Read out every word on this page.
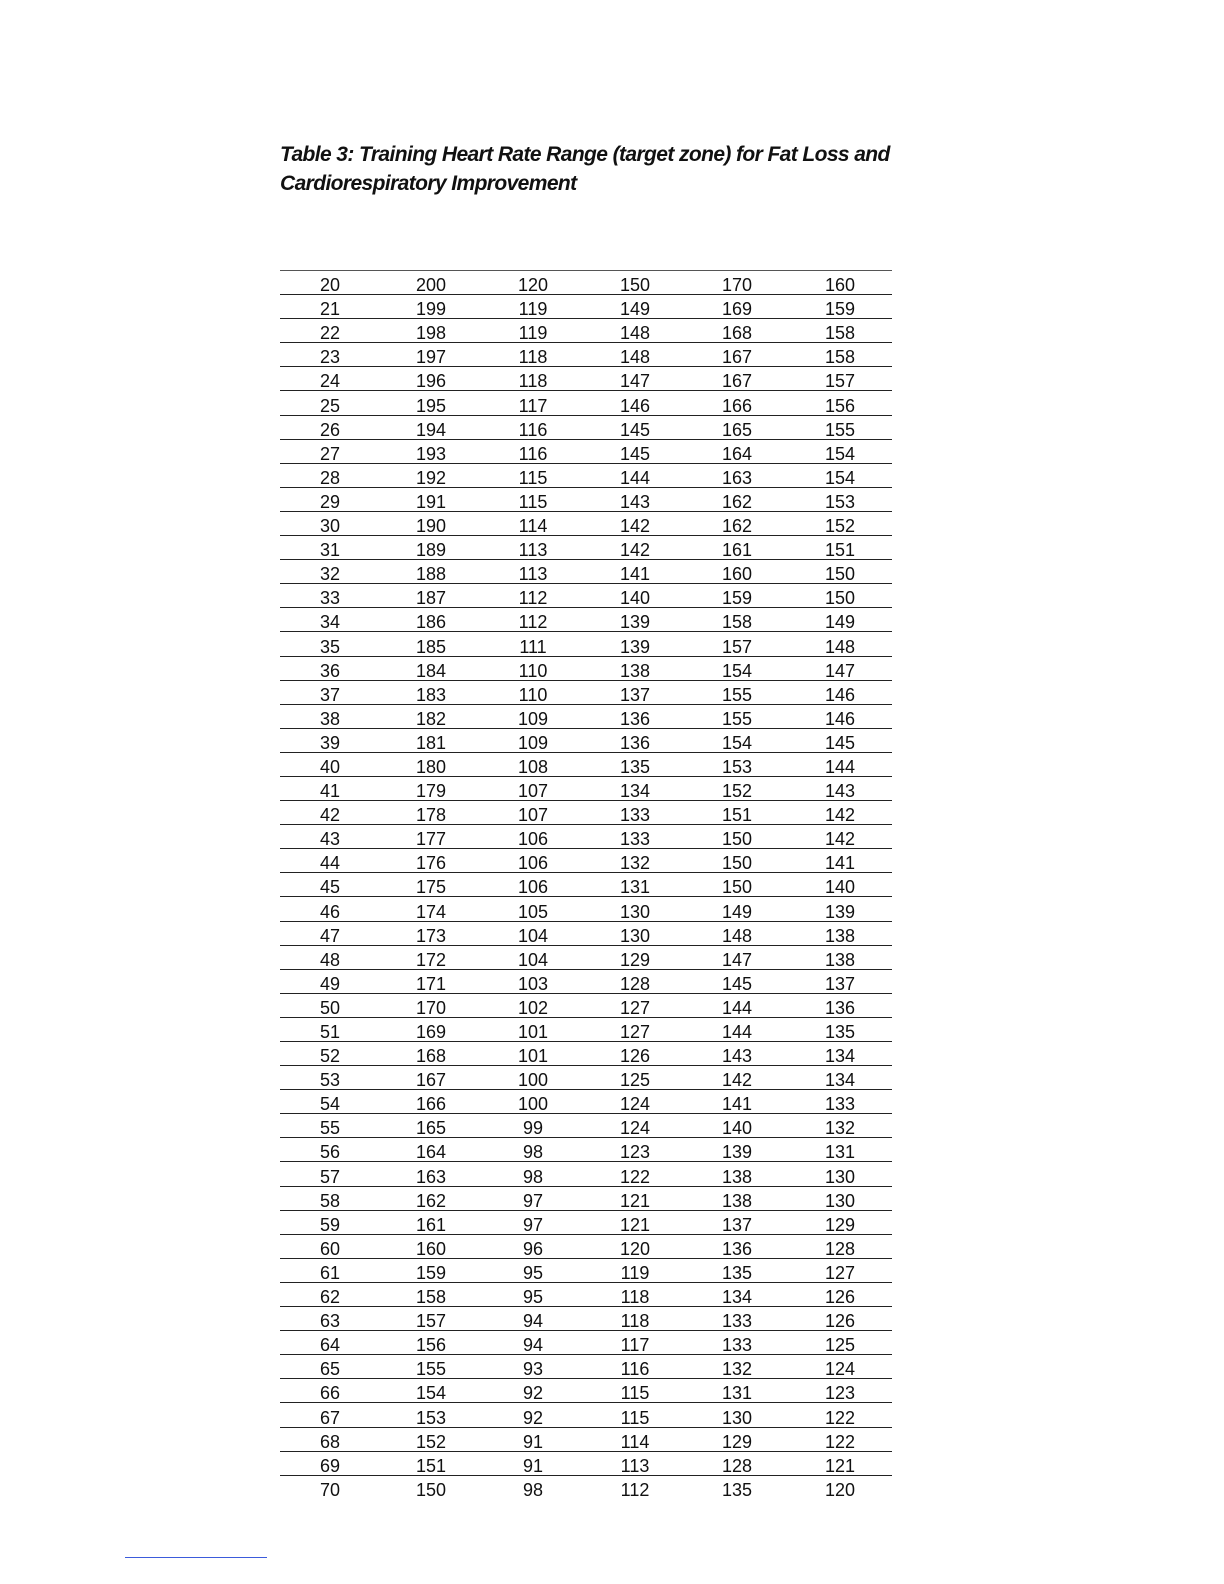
Table 3: Training Heart Rate Range (target zone) for Fat Loss and
Cardiorespiratory Improvement
20	200	120	150	170	160
21	199	119	149	169	159
22	198	119	148	168	158
23	197	118	148	167	158
24	196	118	147	167	157
25	195	117	146	166	156
26	194	116	145	165	155
27	193	116	145	164	154
28	192	115	144	163	154
29	191	115	143	162	153
30	190	114	142	162	152
31	189	113	142	161	151
32	188	113	141	160	150
33	187	112	140	159	150
34	186	112	139	158	149
35	185	111	139	157	148
36	184	110	138	154	147
37	183	110	137	155	146
38	182	109	136	155	146
39	181	109	136	154	145
40	180	108	135	153	144
41	179	107	134	152	143
42	178	107	133	151	142
43	177	106	133	150	142
44	176	106	132	150	141
45	175	106	131	150	140
46	174	105	130	149	139
47	173	104	130	148	138
48	172	104	129	147	138
49	171	103	128	145	137
50	170	102	127	144	136
51	169	101	127	144	135
52	168	101	126	143	134
53	167	100	125	142	134
54	166	100	124	141	133
55	165	99	124	140	132
56	164	98	123	139	131
57	163	98	122	138	130
58	162	97	121	138	130
59	161	97	121	137	129
60	160	96	120	136	128
61	159	95	119	135	127
62	158	95	118	134	126
63	157	94	118	133	126
64	156	94	117	133	125
65	155	93	116	132	124
66	154	92	115	131	123
67	153	92	115	130	122
68	152	91	114	129	122
69	151	91	113	128	121
70	150	98	112	135	120
